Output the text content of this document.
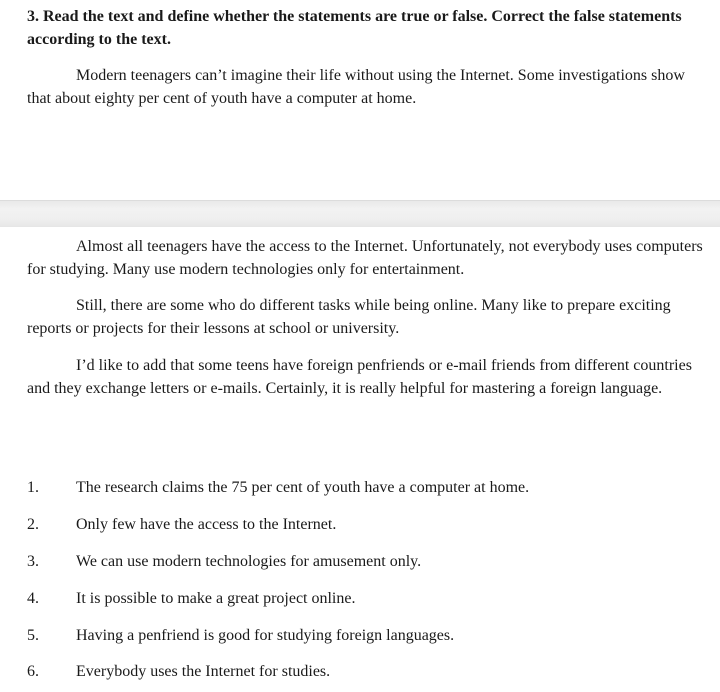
3. Read the text and define whether the statements are true or false. Correct the false statements according to the text.

Modern teenagers can’t imagine their life without using the Internet. Some investigations show that about eighty per cent of youth have a computer at home.

Almost all teenagers have the access to the Internet. Unfortunately, not everybody uses computers for studying. Many use modern technologies only for entertainment.

Still, there are some who do different tasks while being online. Many like to prepare exciting reports or projects for their lessons at school or university.

I’d like to add that some teens have foreign penfriends or e-mail friends from different countries and they exchange letters or e-mails. Certainly, it is really helpful for mastering a foreign language.

1.	The research claims the 75 per cent of youth have a computer at home.
2.	Only few have the access to the Internet.
3.	We can use modern technologies for amusement only.
4.	It is possible to make a great project online.
5.	Having a penfriend is good for studying foreign languages.
6.	Everybody uses the Internet for studies.
